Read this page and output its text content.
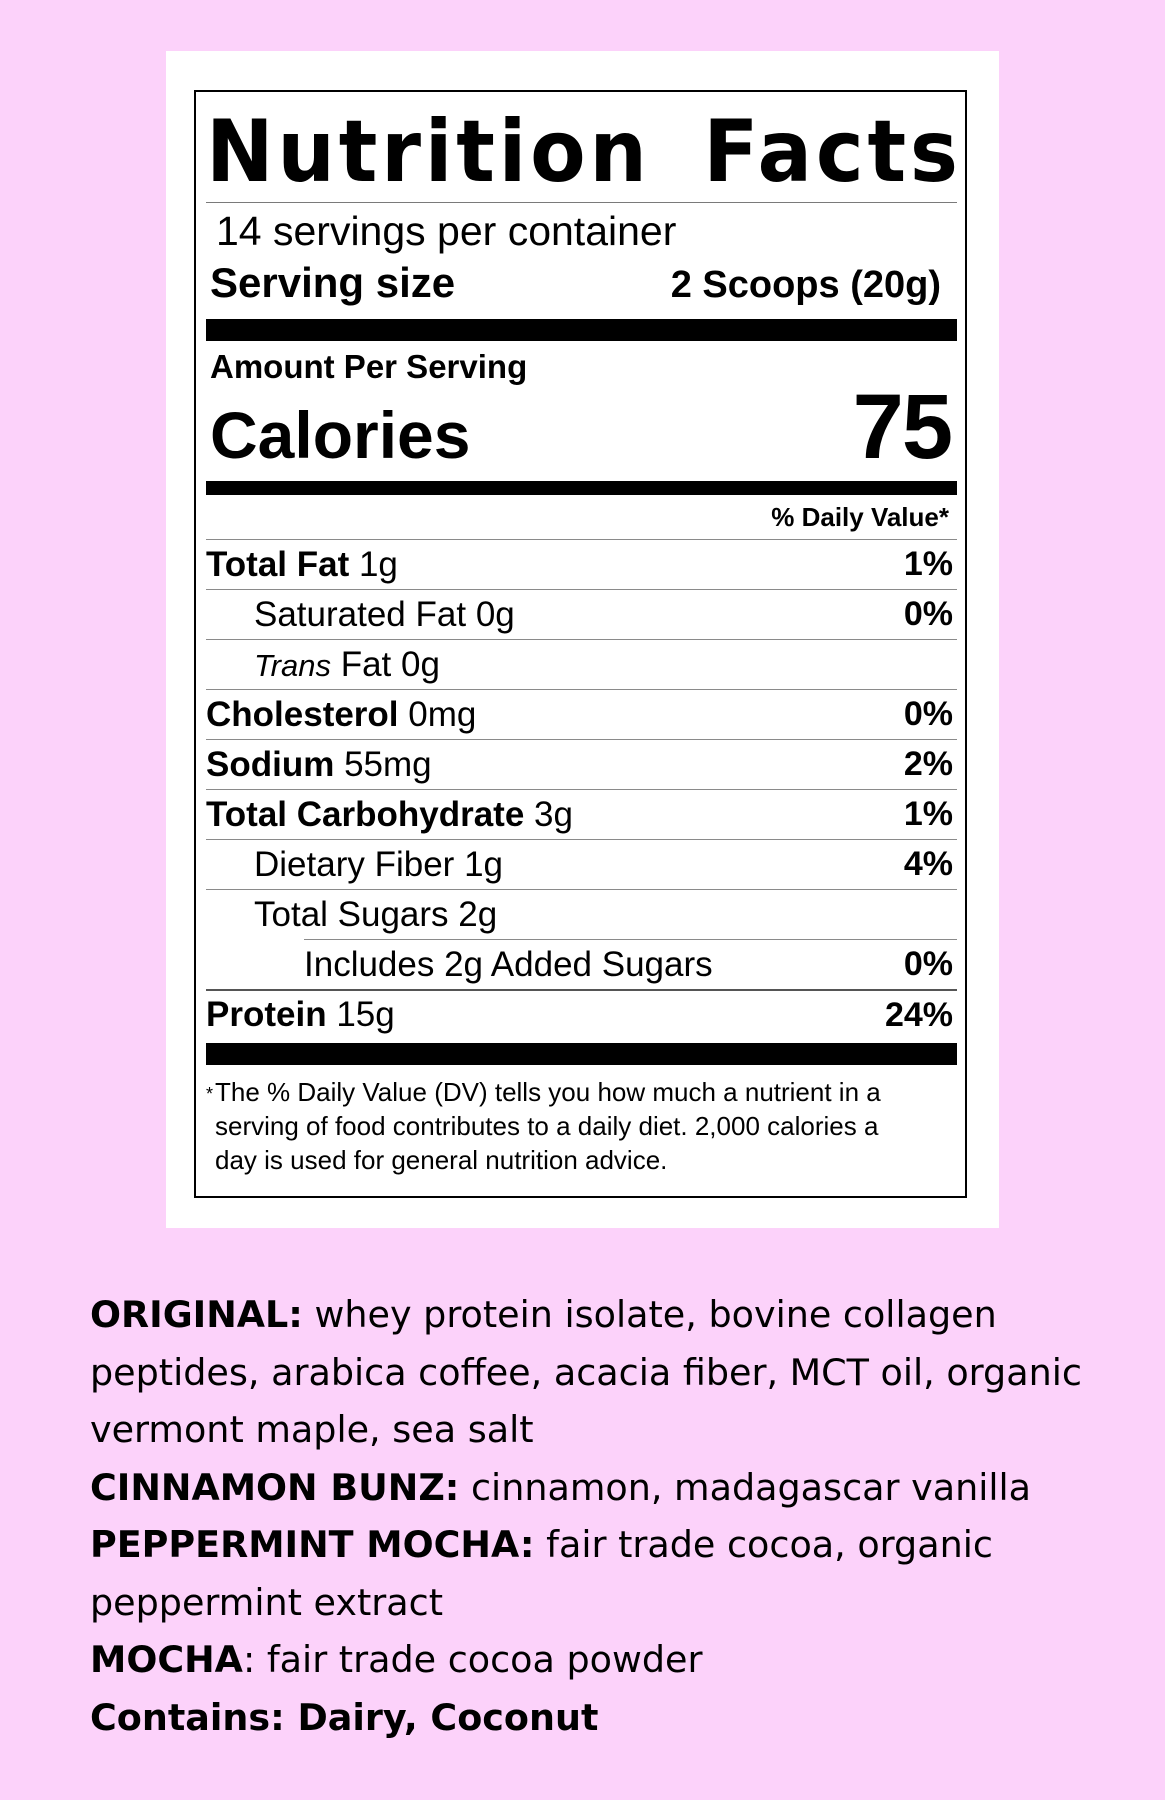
Nutrition Facts
14 servings per container
Serving size	2 Scoops (20g)
Amount Per Serving
Calories	75
% Daily Value*
Total Fat 1g	1%
Saturated Fat 0g	0%
Trans Fat 0g
Cholesterol 0mg	0%
Sodium 55mg	2%
Total Carbohydrate 3g	1%
Dietary Fiber 1g	4%
Total Sugars 2g
Includes 2g Added Sugars	0%
Protein 15g	24%
* The % Daily Value (DV) tells you how much a nutrient in a serving of food contributes to a daily diet. 2,000 calories a day is used for general nutrition advice.

ORIGINAL: whey protein isolate, bovine collagen peptides, arabica coffee, acacia fiber, MCT oil, organic vermont maple, sea salt

CINNAMON BUNZ: cinnamon, madagascar vanilla

PEPPERMINT MOCHA: fair trade cocoa, organic peppermint extract

MOCHA: fair trade cocoa powder

Contains: Dairy, Coconut
